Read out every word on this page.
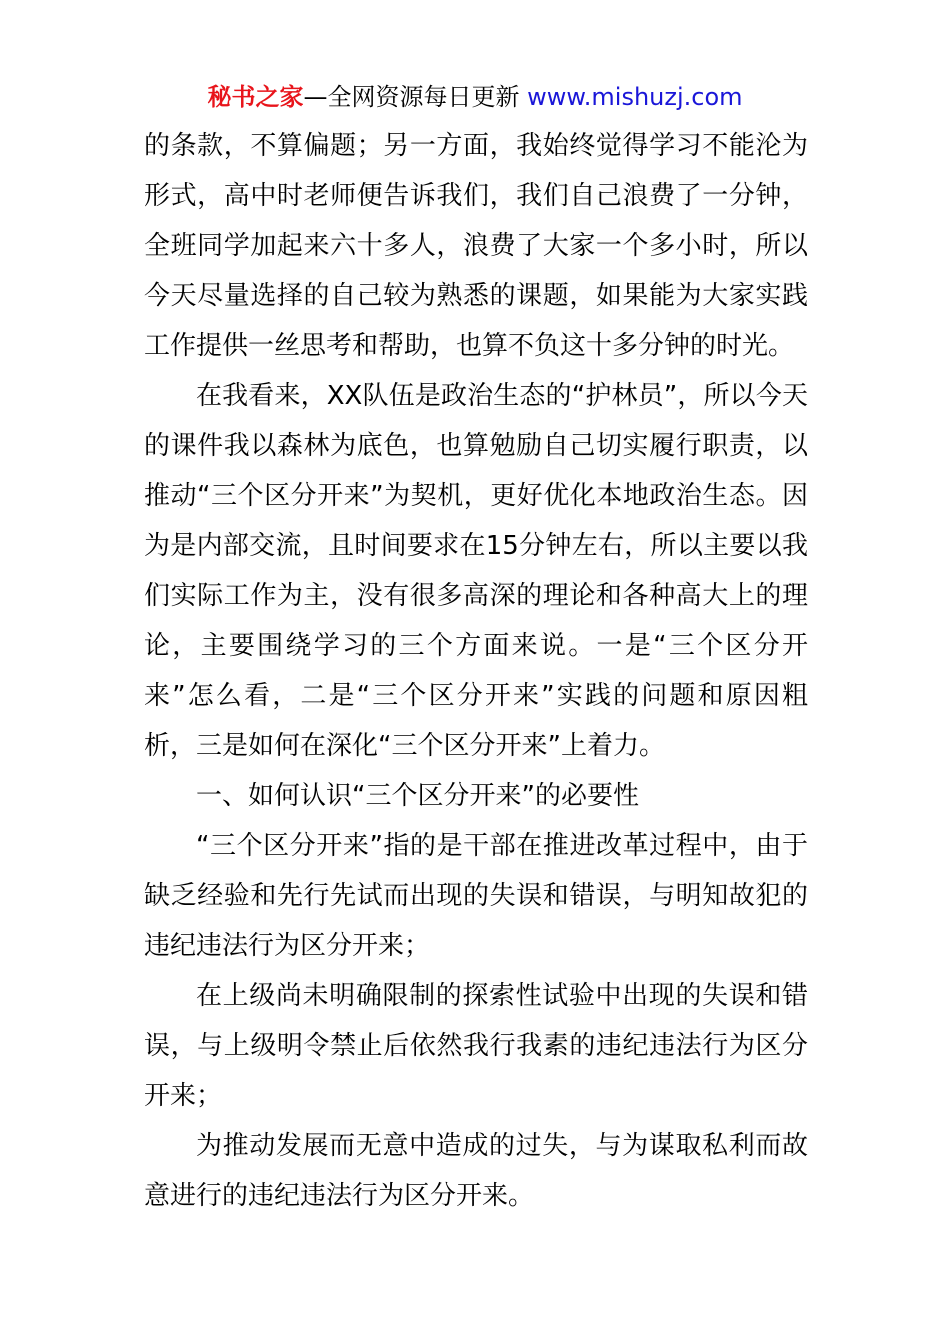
秘书之家—全网资源每日更新 www.mishuzj.com

的条款，不算偏题；另一方面，我始终觉得学习不能沦为形式，高中时老师便告诉我们，我们自己浪费了一分钟，全班同学加起来六十多人，浪费了大家一个多小时，所以今天尽量选择的自己较为熟悉的课题，如果能为大家实践工作提供一丝思考和帮助，也算不负这十多分钟的时光。

在我看来，XX队伍是政治生态的“护林员”，所以今天的课件我以森林为底色，也算勉励自己切实履行职责，以推动“三个区分开来”为契机，更好优化本地政治生态。因为是内部交流，且时间要求在15分钟左右，所以主要以我们实际工作为主，没有很多高深的理论和各种高大上的理论，主要围绕学习的三个方面来说。一是“三个区分开来”怎么看，二是“三个区分开来”实践的问题和原因粗析，三是如何在深化“三个区分开来”上着力。

一、如何认识“三个区分开来”的必要性

“三个区分开来”指的是干部在推进改革过程中，由于缺乏经验和先行先试而出现的失误和错误，与明知故犯的违纪违法行为区分开来；

在上级尚未明确限制的探索性试验中出现的失误和错误，与上级明令禁止后依然我行我素的违纪违法行为区分开来；

为推动发展而无意中造成的过失，与为谋取私利而故意进行的违纪违法行为区分开来。
